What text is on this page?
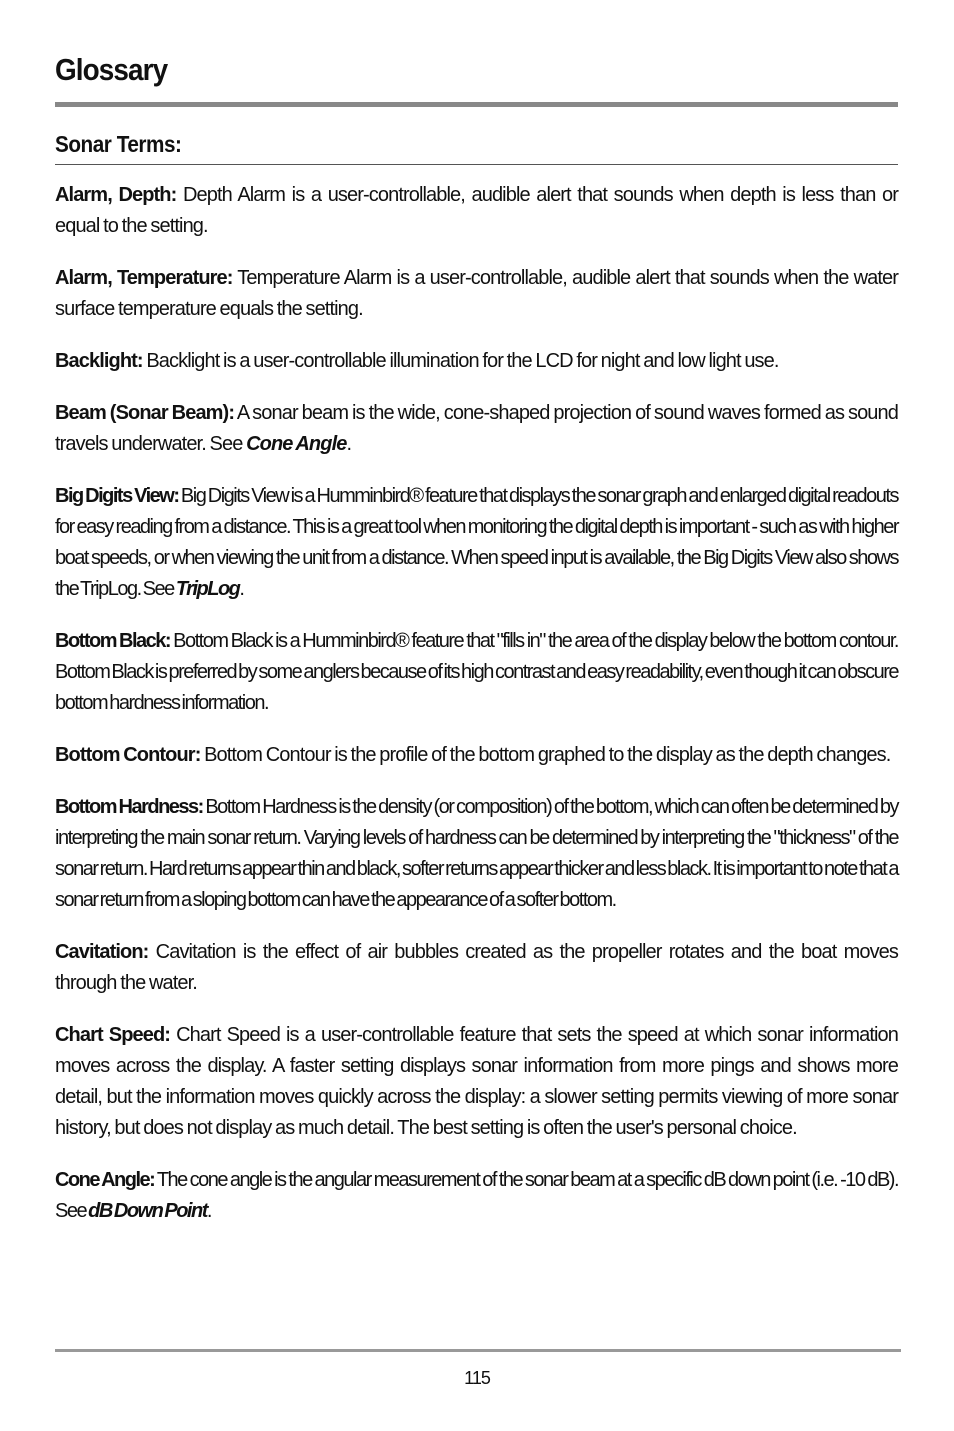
Glossary
Sonar Terms:

Alarm, Depth: Depth Alarm is a user-controllable, audible alert that sounds when depth is less than or equal to the setting.

Alarm, Temperature: Temperature Alarm is a user-controllable, audible alert that sounds when the water surface temperature equals the setting.

Backlight: Backlight is a user-controllable illumination for the LCD for night and low light use.

Beam (Sonar Beam): A sonar beam is the wide, cone-shaped projection of sound waves formed as sound travels underwater. See Cone Angle.

Big Digits View: Big Digits View is a Humminbird® feature that displays the sonar graph and enlarged digital readouts for easy reading from a distance. This is a great tool when monitoring the digital depth is important - such as with higher boat speeds, or when viewing the unit from a distance. When speed input is available, the Big Digits View also shows the TripLog. See TripLog.

Bottom Black: Bottom Black is a Humminbird® feature that "fills in" the area of the display below the bottom contour. Bottom Black is preferred by some anglers because of its high contrast and easy readability, even though it can obscure bottom hardness information.

Bottom Contour: Bottom Contour is the profile of the bottom graphed to the display as the depth changes.

Bottom Hardness: Bottom Hardness is the density (or composition) of the bottom, which can often be determined by interpreting the main sonar return. Varying levels of hardness can be determined by interpreting the "thickness" of the sonar return. Hard returns appear thin and black, softer returns appear thicker and less black. It is important to note that a sonar return from a sloping bottom can have the appearance of a softer bottom.

Cavitation: Cavitation is the effect of air bubbles created as the propeller rotates and the boat moves through the water.

Chart Speed: Chart Speed is a user-controllable feature that sets the speed at which sonar information moves across the display. A faster setting displays sonar information from more pings and shows more detail, but the information moves quickly across the display: a slower setting permits viewing of more sonar history, but does not display as much detail. The best setting is often the user's personal choice.

Cone Angle: The cone angle is the angular measurement of the sonar beam at a specific dB down point (i.e. -10 dB). See dB Down Point.

115
